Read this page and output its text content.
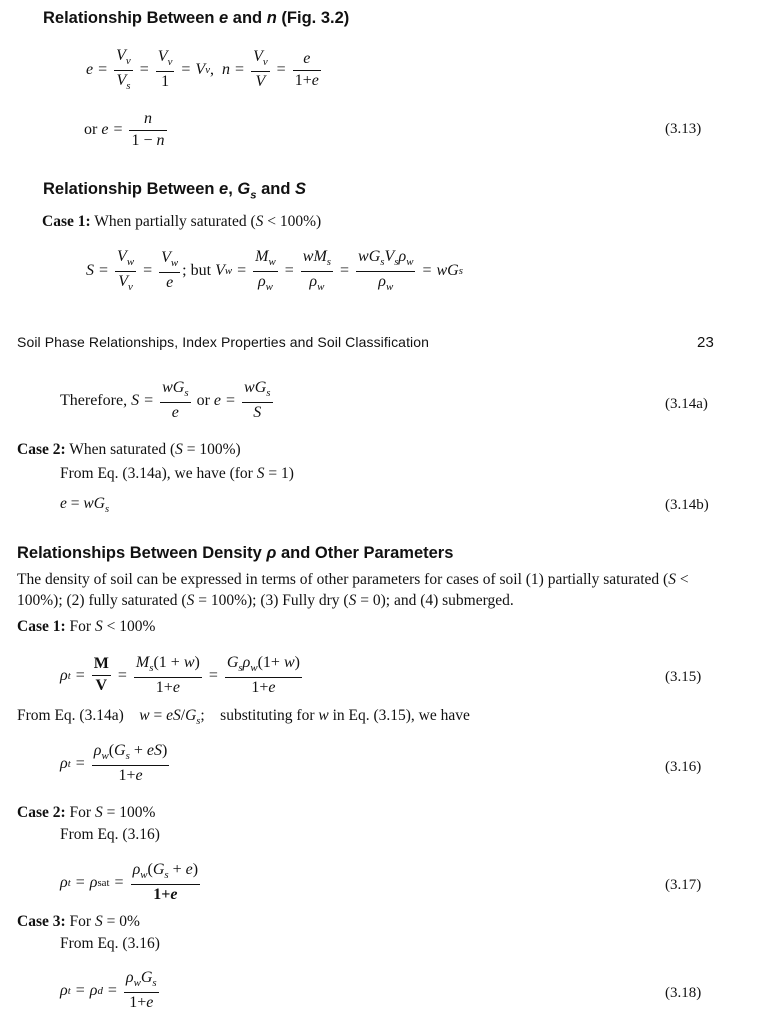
Relationship Between e and n (Fig. 3.2)
$e = \frac{V_v}{V_s} = \frac{V_v}{1} = V$ v , $n = \frac{V_v}{V} = \frac{e}{1+e}$
or
$e = \frac{n}{1 - n}$	(3.13)
Relationship Between e, $G_s$ and S
Case 1: When partially saturated (S < 100%)
$S = \frac{V_w}{V_v} = \frac{V_w}{e}$ ; but
V $w = \frac{M_w}{\rho_w} = \frac{wM_s}{\rho_w} = \frac{wG_sV_s\rho_w}{\rho_w}$ = wG s
Soil Phase Relationships, Index Properties and Soil Classification	23
Therefore,
$S = \frac{wG_s}{e}$ or $e = \frac{wG_s}{S}$	(3.14a)
Case 2: When saturated (S = 100%)
From Eq. (3.14a), we have (for S = 1)
$e = wG_s$	(3.14b)
Relationships Between Density ρ and Other Parameters
The density of soil can be expressed in terms of other parameters for cases of soil (1) partially saturated (S < 100%); (2) fully saturated (S = 100%); (3) Fully dry (S = 0); and (4) submerged.
Case 1: For S < 100%
ρ $t = \frac{M}{V} = \frac{M_s(1 + w)}{1+e} = \frac{G_s\rho_w(1+ w)}{1+e}$	(3.15)
From Eq. (3.14a)    $w = eS/G_s$;    substituting for w in Eq. (3.15), we have
ρ $t = \frac{\rho_w(G_s + eS)}{1+e}$	(3.16)
Case 2: For S = 100%
From Eq. (3.16)
ρ t = ρ sat = $\frac{\rho_w(G_s + e)}{1+e}$	(3.17)
Case 3: For S = 0%
From Eq. (3.16)
ρ t = ρ $d = \frac{\rho_wG_s}{1+e}$	(3.18)
